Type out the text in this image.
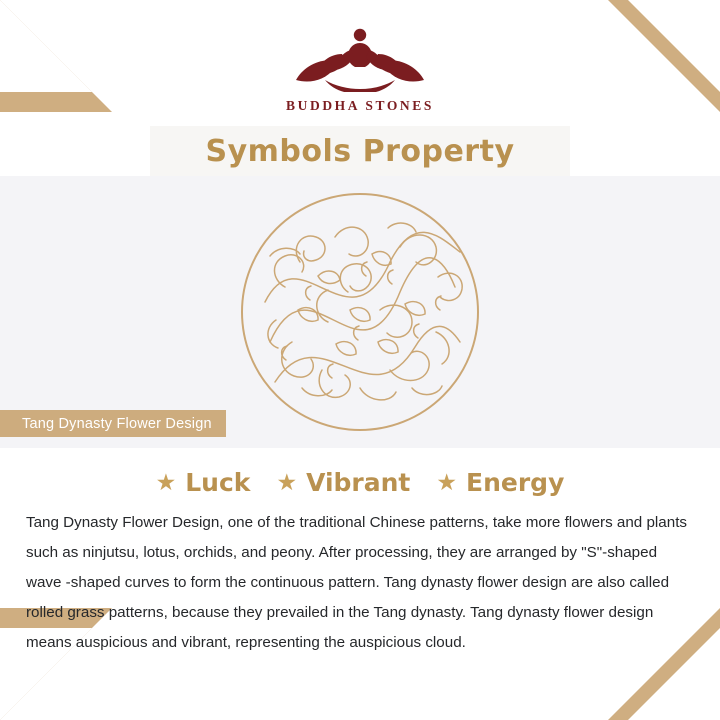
BUDDHA STONES
Symbols Property
Tang Dynasty Flower Design
★ Luck ★ Vibrant ★ Energy
Tang Dynasty Flower Design, one of the traditional Chinese patterns, take more flowers and plants such as ninjutsu, lotus, orchids, and peony. After processing, they are arranged by "S"-shaped wave -shaped curves to form the continuous pattern. Tang dynasty flower design are also called rolled grass patterns, because they prevailed in the Tang dynasty. Tang dynasty flower design means auspicious and vibrant, representing the auspicious cloud.
